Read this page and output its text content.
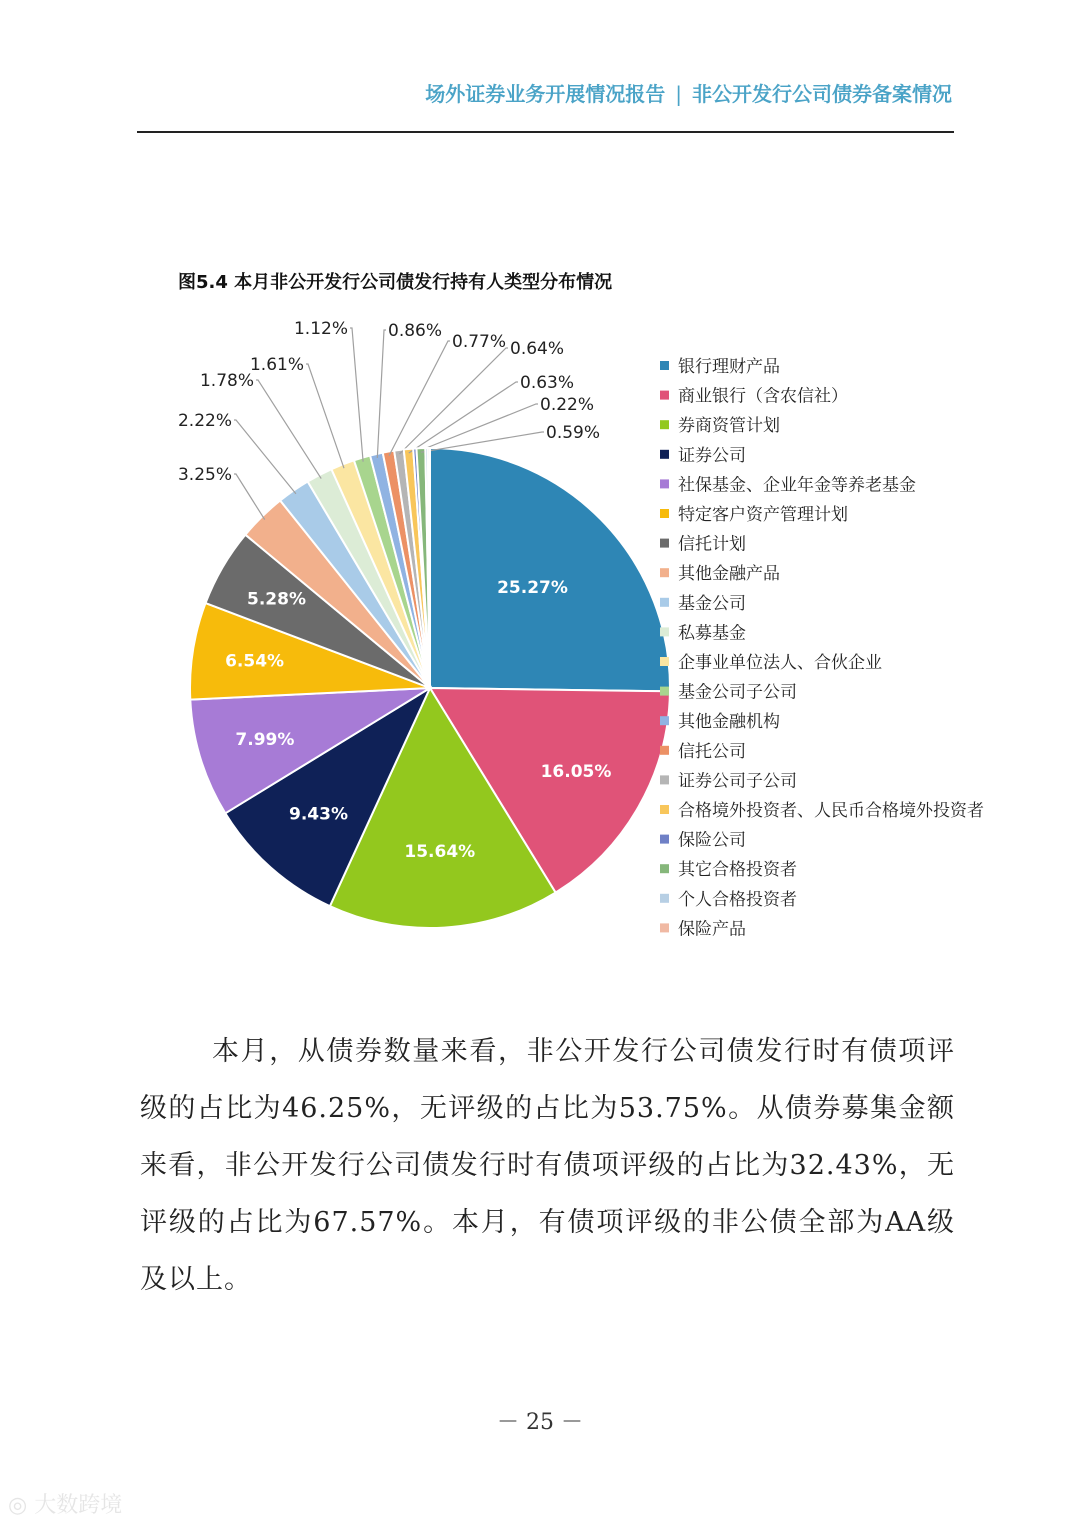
场外证券业务开展情况报告 | 非公开发行公司债券备案情况
图5.4 本月非公开发行公司债发行持有人类型分布情况
25.27%
16.05%
15.64%
9.43%
7.99%
6.54%
5.28%
3.25%
2.22%
1.78%
1.61%
1.12% 0.86%
0.77% 0.64%
0.63%
0.22%
0.59%
银行理财产品
商业银行（含农信社）
券商资管计划
证券公司
社保基金、企业年金等养老基金
特定客户资产管理计划
信托计划
其他金融产品
基金公司
私募基金
企事业单位法人、合伙企业
基金公司子公司
其他金融机构
信托公司
证券公司子公司
合格境外投资者、人民币合格境外投资者
保险公司
其它合格投资者
个人合格投资者
保险产品
本月，从债券数量来看，非公开发行公司债发行时有债项评级的占比为46.25%，无评级的占比为53.75%。从债券募集金额来看，非公开发行公司债发行时有债项评级的占比为32.43%，无评级的占比为67.57%。本月，有债项评级的非公债全部为AA级及以上。
－ 25 －
◎ 大数跨境
